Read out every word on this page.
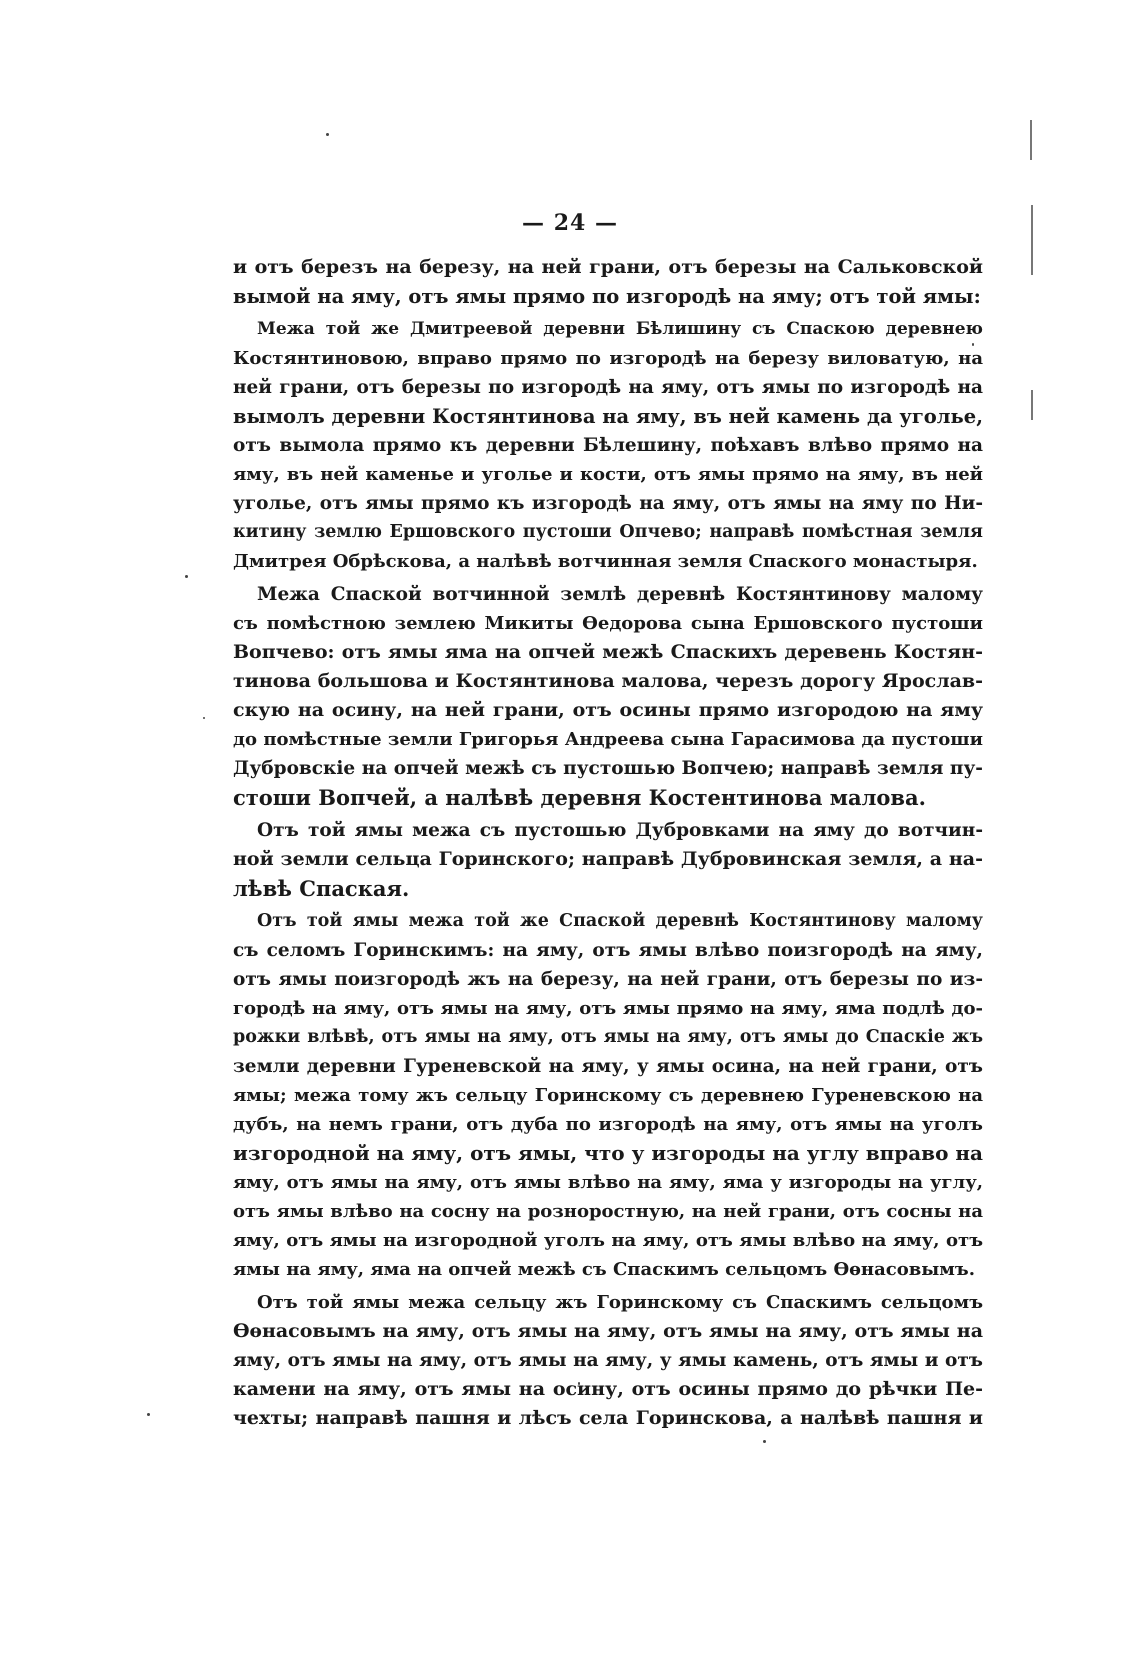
— 24 —
и отъ березъ на березу, на ней грани, отъ березы на Сальковской
вымой на яму, отъ ямы прямо по изгородѣ на яму; отъ той ямы:
Межа той же Дмитреевой деревни Бѣлишину съ Спаскою деревнею
Костянтиновою, вправо прямо по изгородѣ на березу виловатую, на
ней грани, отъ березы по изгородѣ на яму, отъ ямы по изгородѣ на
вымолъ деревни Костянтинова на яму, въ ней камень да уголье,
отъ вымола прямо къ деревни Бѣлешину, поѣхавъ влѣво прямо на
яму, въ ней каменье и уголье и кости, отъ ямы прямо на яму, въ ней
уголье, отъ ямы прямо къ изгородѣ на яму, отъ ямы на яму по Ни-
китину землю Ершовского пустоши Опчево; направѣ помѣстная земля
Дмитрея Обрѣскова, а налѣвѣ вотчинная земля Спаского монастыря.
Межа Спаской вотчинной землѣ деревнѣ Костянтинову малому
съ помѣстною землею Микиты Ѳедорова сына Ершовского пустоши
Вопчево: отъ ямы яма на опчей межѣ Спаскихъ деревень Костян-
тинова большова и Костянтинова малова, черезъ дорогу Ярослав-
скую на осину, на ней грани, отъ осины прямо изгородою на яму
до помѣстные земли Григорья Андреева сына Гарасимова да пустоши
Дубровскіе на опчей межѣ съ пустошью Вопчею; направѣ земля пу-
стоши Вопчей, а налѣвѣ деревня Костентинова малова.
Отъ той ямы межа съ пустошью Дубровками на яму до вотчин-
ной земли сельца Горинского; направѣ Дубровинская земля, а на-
лѣвѣ Спаская.
Отъ той ямы межа той же Спаской деревнѣ Костянтинову малому
съ селомъ Горинскимъ: на яму, отъ ямы влѣво поизгородѣ на яму,
отъ ямы поизгородѣ жъ на березу, на ней грани, отъ березы по из-
городѣ на яму, отъ ямы на яму, отъ ямы прямо на яму, яма подлѣ до-
рожки влѣвѣ, отъ ямы на яму, отъ ямы на яму, отъ ямы до Спаскіе жъ
земли деревни Гуреневской на яму, у ямы осина, на ней грани, отъ
ямы; межа тому жъ сельцу Горинскому съ деревнею Гуреневскою на
дубъ, на немъ грани, отъ дуба по изгородѣ на яму, отъ ямы на уголъ
изгородной на яму, отъ ямы, что у изгороды на углу вправо на
яму, отъ ямы на яму, отъ ямы влѣво на яму, яма у изгороды на углу,
отъ ямы влѣво на сосну на розноростную, на ней грани, отъ сосны на
яму, отъ ямы на изгородной уголъ на яму, отъ ямы влѣво на яму, отъ
ямы на яму, яма на опчей межѣ съ Спаскимъ сельцомъ Ѳѳнасовымъ.
Отъ той ямы межа сельцу жъ Горинскому съ Спаскимъ сельцомъ
Ѳѳнасовымъ на яму, отъ ямы на яму, отъ ямы на яму, отъ ямы на
яму, отъ ямы на яму, отъ ямы на яму, у ямы камень, отъ ямы и отъ
камени на яму, отъ ямы на осину, отъ осины прямо до рѣчки Пе-
чехты; направѣ пашня и лѣсъ села Горинскова, а налѣвѣ пашня и
